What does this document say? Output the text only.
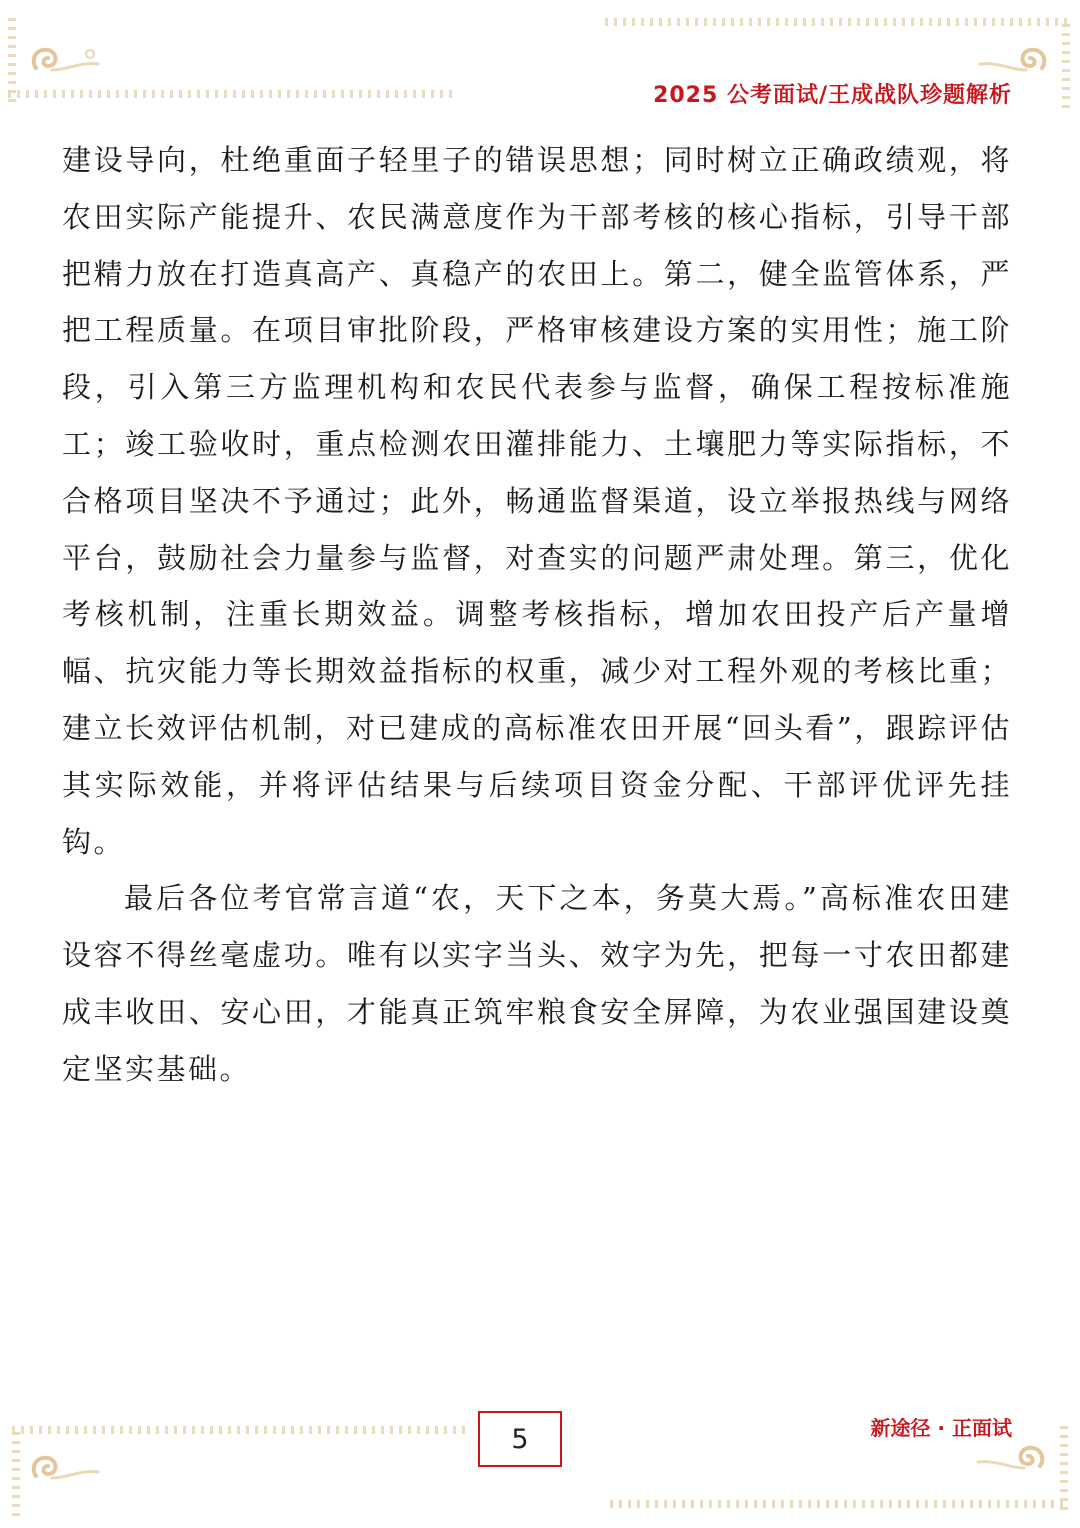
2025 公考面试/王成战队珍题解析

建设导向，杜绝重面子轻里子的错误思想；同时树立正确政绩观，将农田实际产能提升、农民满意度作为干部考核的核心指标，引导干部把精力放在打造真高产、真稳产的农田上。第二，健全监管体系，严把工程质量。在项目审批阶段，严格审核建设方案的实用性；施工阶段，引入第三方监理机构和农民代表参与监督，确保工程按标准施工；竣工验收时，重点检测农田灌排能力、土壤肥力等实际指标，不合格项目坚决不予通过；此外，畅通监督渠道，设立举报热线与网络平台，鼓励社会力量参与监督，对查实的问题严肃处理。第三，优化考核机制，注重长期效益。调整考核指标，增加农田投产后产量增幅、抗灾能力等长期效益指标的权重，减少对工程外观的考核比重；建立长效评估机制，对已建成的高标准农田开展“回头看”，跟踪评估其实际效能，并将评估结果与后续项目资金分配、干部评优评先挂钩。

最后各位考官常言道“农，天下之本，务莫大焉。”高标准农田建设容不得丝毫虚功。唯有以实字当头、效字为先，把每一寸农田都建成丰收田、安心田，才能真正筑牢粮食安全屏障，为农业强国建设奠定坚实基础。

5	新途径 · 正面试
